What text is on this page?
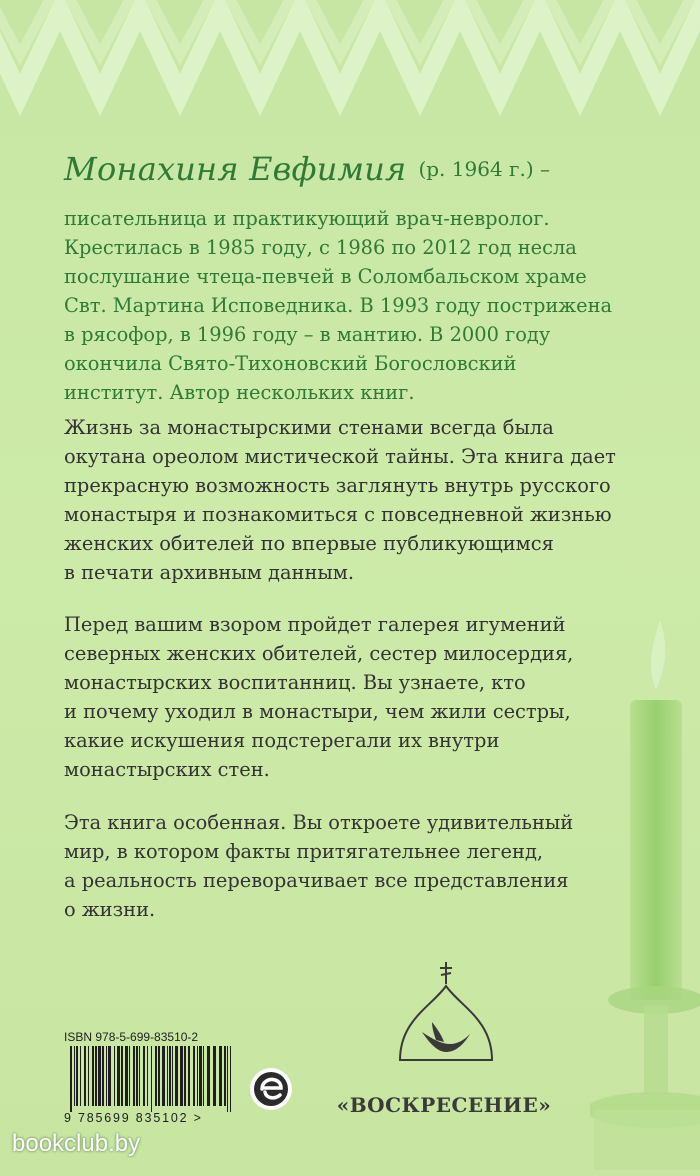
Монахиня Евфимия (р. 1964 г.) –

писательница и практикующий врач-невролог.
Крестилась в 1985 году, с 1986 по 2012 год несла
послушание чтеца-певчей в Соломбальском храме
Свт. Мартина Исповедника. В 1993 году пострижена
в рясофор, в 1996 году – в мантию. В 2000 году
окончила Свято-Тихоновский Богословский
институт. Автор нескольких книг.

Жизнь за монастырскими стенами всегда была
окутана ореолом мистической тайны. Эта книга дает
прекрасную возможность заглянуть внутрь русского
монастыря и познакомиться с повседневной жизнью
женских обителей по впервые публикующимся
в печати архивным данным.

Перед вашим взором пройдет галерея игумений
северных женских обителей, сестер милосердия,
монастырских воспитанниц. Вы узнаете, кто
и почему уходил в монастыри, чем жили сестры,
какие искушения подстерегали их внутри
монастырских стен.

Эта книга особенная. Вы откроете удивительный
мир, в котором факты притягательнее легенд,
а реальность переворачивает все представления
о жизни.

ISBN 978-5-699-83510-2
9 785699 835102 >
«ВОСКРЕСЕНИЕ»
bookclub.by
